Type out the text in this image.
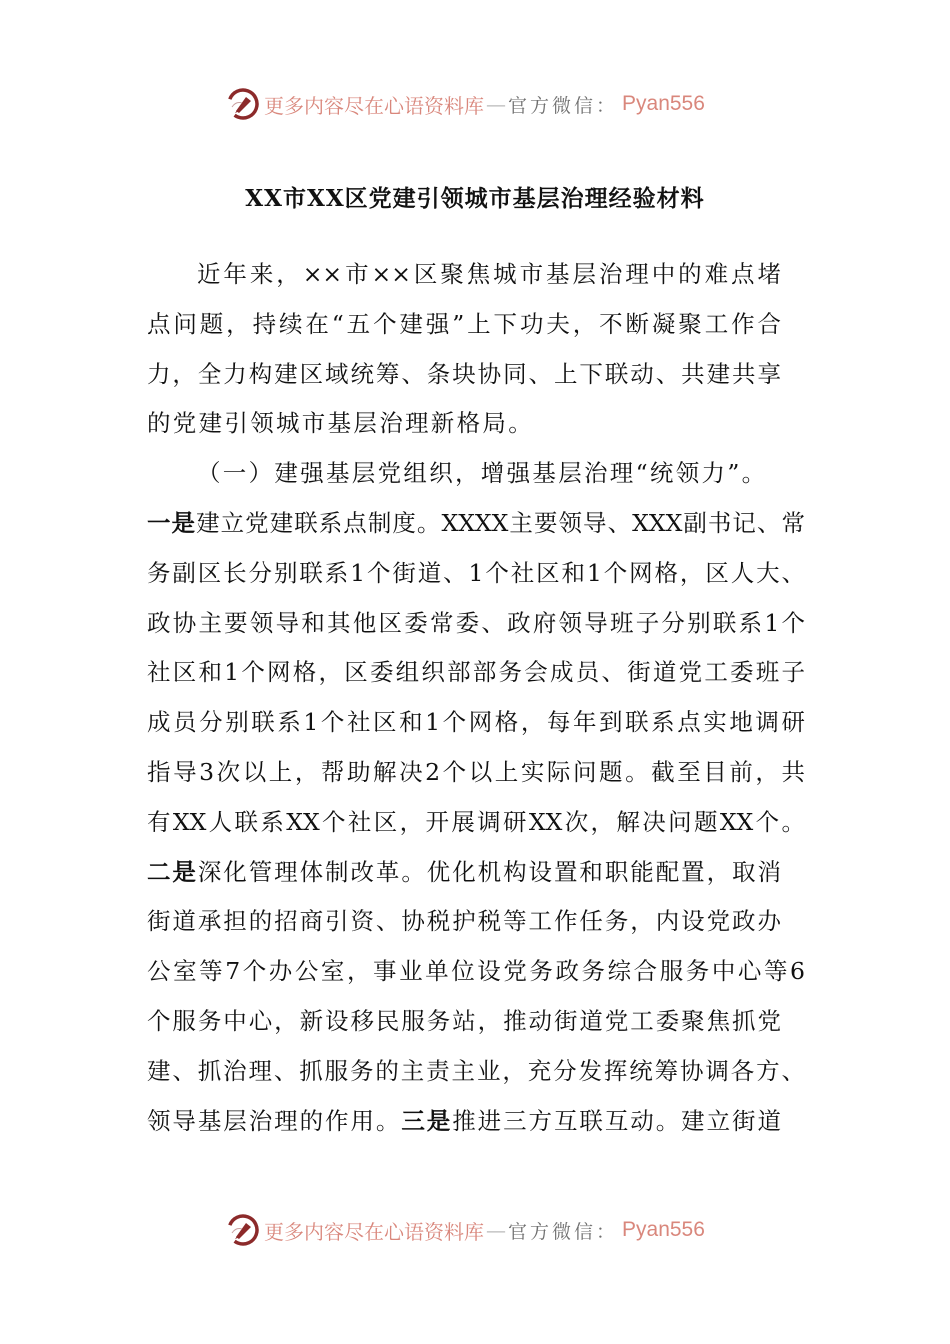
更多内容尽在心语资料库 — 官方微信： Pyan556
XX市XX区党建引领城市基层治理经验材料
近年来，××市××区聚焦城市基层治理中的难点堵
点问题，持续在“五个建强”上下功夫，不断凝聚工作合
力，全力构建区域统筹、条块协同、上下联动、共建共享
的党建引领城市基层治理新格局。
（一）建强基层党组织，增强基层治理“统领力”。
一是建立党建联系点制度。XXXX主要领导、XXX副书记、常
务副区长分别联系1个街道、1个社区和1个网格，区人大、
政协主要领导和其他区委常委、政府领导班子分别联系1个
社区和1个网格，区委组织部部务会成员、街道党工委班子
成员分别联系1个社区和1个网格，每年到联系点实地调研
指导3次以上，帮助解决2个以上实际问题。截至目前，共
有XX人联系XX个社区，开展调研XX次，解决问题XX个。
二是深化管理体制改革。优化机构设置和职能配置，取消
街道承担的招商引资、协税护税等工作任务，内设党政办
公室等7个办公室，事业单位设党务政务综合服务中心等6
个服务中心，新设移民服务站，推动街道党工委聚焦抓党
建、抓治理、抓服务的主责主业，充分发挥统筹协调各方、
领导基层治理的作用。三是推进三方互联互动。建立街道
更多内容尽在心语资料库 — 官方微信： Pyan556
